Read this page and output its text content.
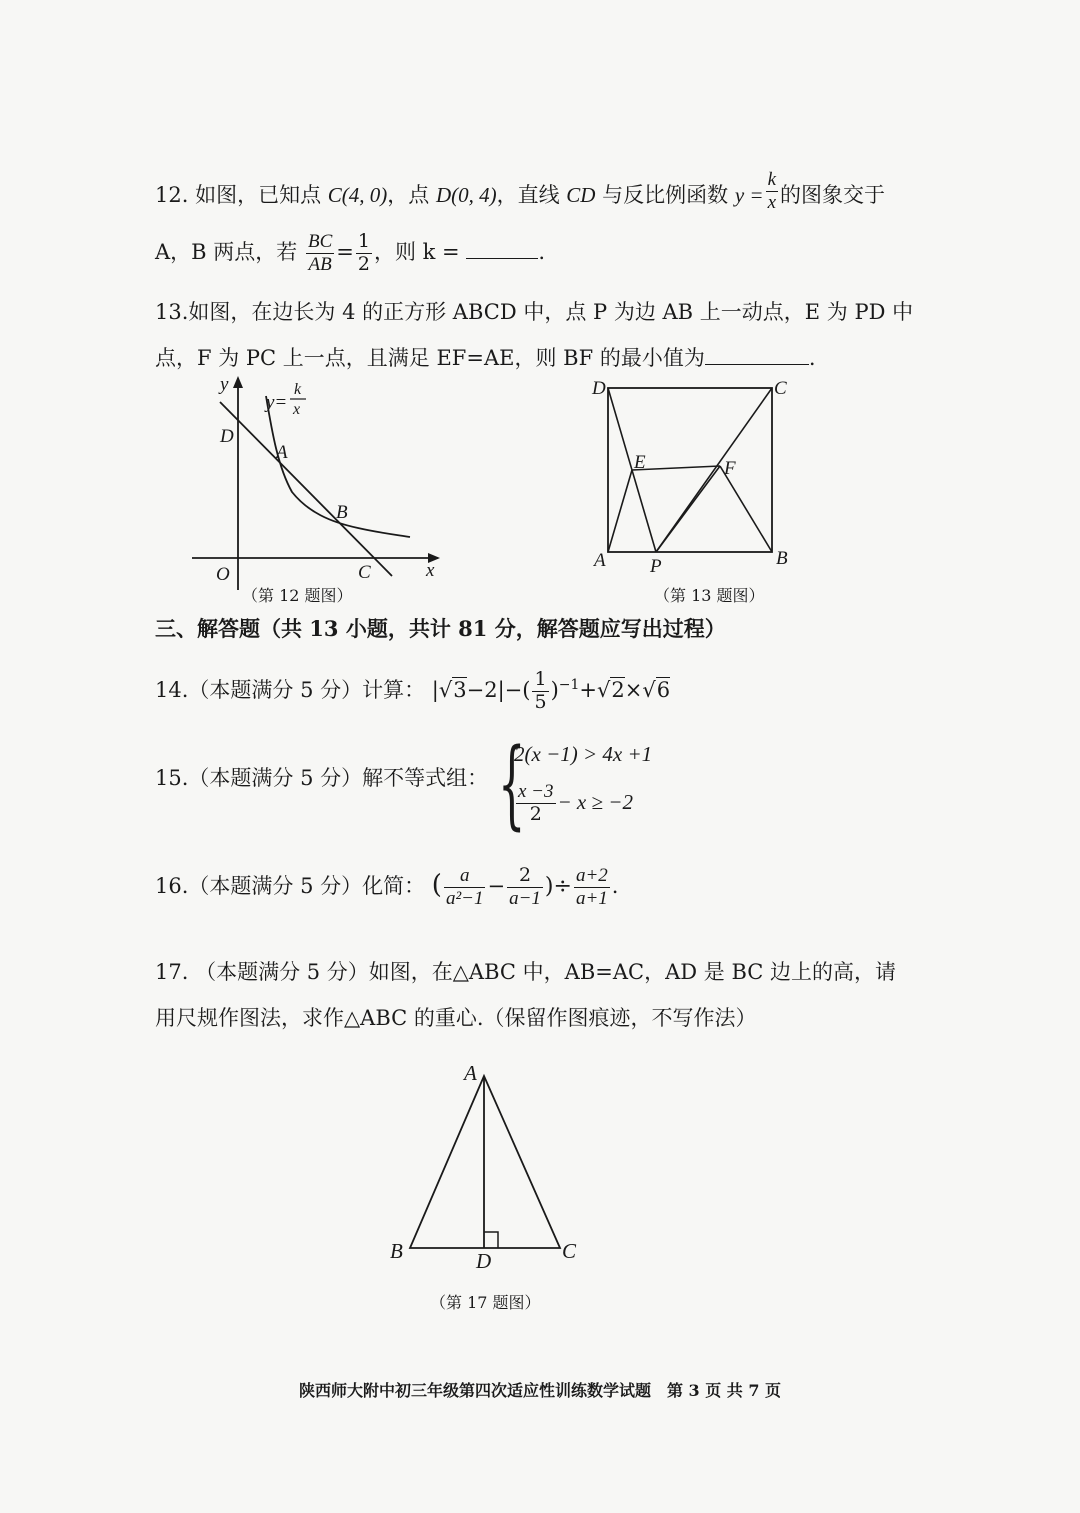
12. 如图，已知点 C(4, 0)，点 D(0, 4)，直线 CD 与反比例函数 $y = \frac{k}{x}$ 的图象交于
A，B 两点，若 $\frac{BC}{AB} = \frac{1}{2}$ ，则 k =	.
13.如图，在边长为 4 的正方形 ABCD 中，点 P 为边 AB 上一动点，E 为 PD 中
点，F 为 PC 上一点，且满足 EF=AE，则 BF 的最小值为	.
y
x
O
D
A
B
C
y=
k
x
（第 12 题图）
D	C
A	B
E	F
P
（第 13 题图）
三、解答题（共 13 小题，共计 81 分，解答题应写出过程）
14.（本题满分 5 分）计算： $|√3-2|-( \frac{1}{5} )^{-1}+√2\times√6$
15.（本题满分 5 分）解不等式组： {
2(x −1) > 4x +1
$\frac{x -3}{2} - x \ge -2$
16.（本题满分 5 分）化简： ( $\frac{a}{\text{a²−1}} - \frac{2}{a-1}$ )÷ $\frac{a+2}{a+1}$ .
17. （本题满分 5 分）如图，在△ABC 中，AB=AC，AD 是 BC 边上的高，请
用尺规作图法，求作△ABC 的重心.（保留作图痕迹，不写作法）
A
B	C
D
（第 17 题图）
陕西师大附中初三年级第四次适应性训练数学试题　第 3 页 共 7 页
